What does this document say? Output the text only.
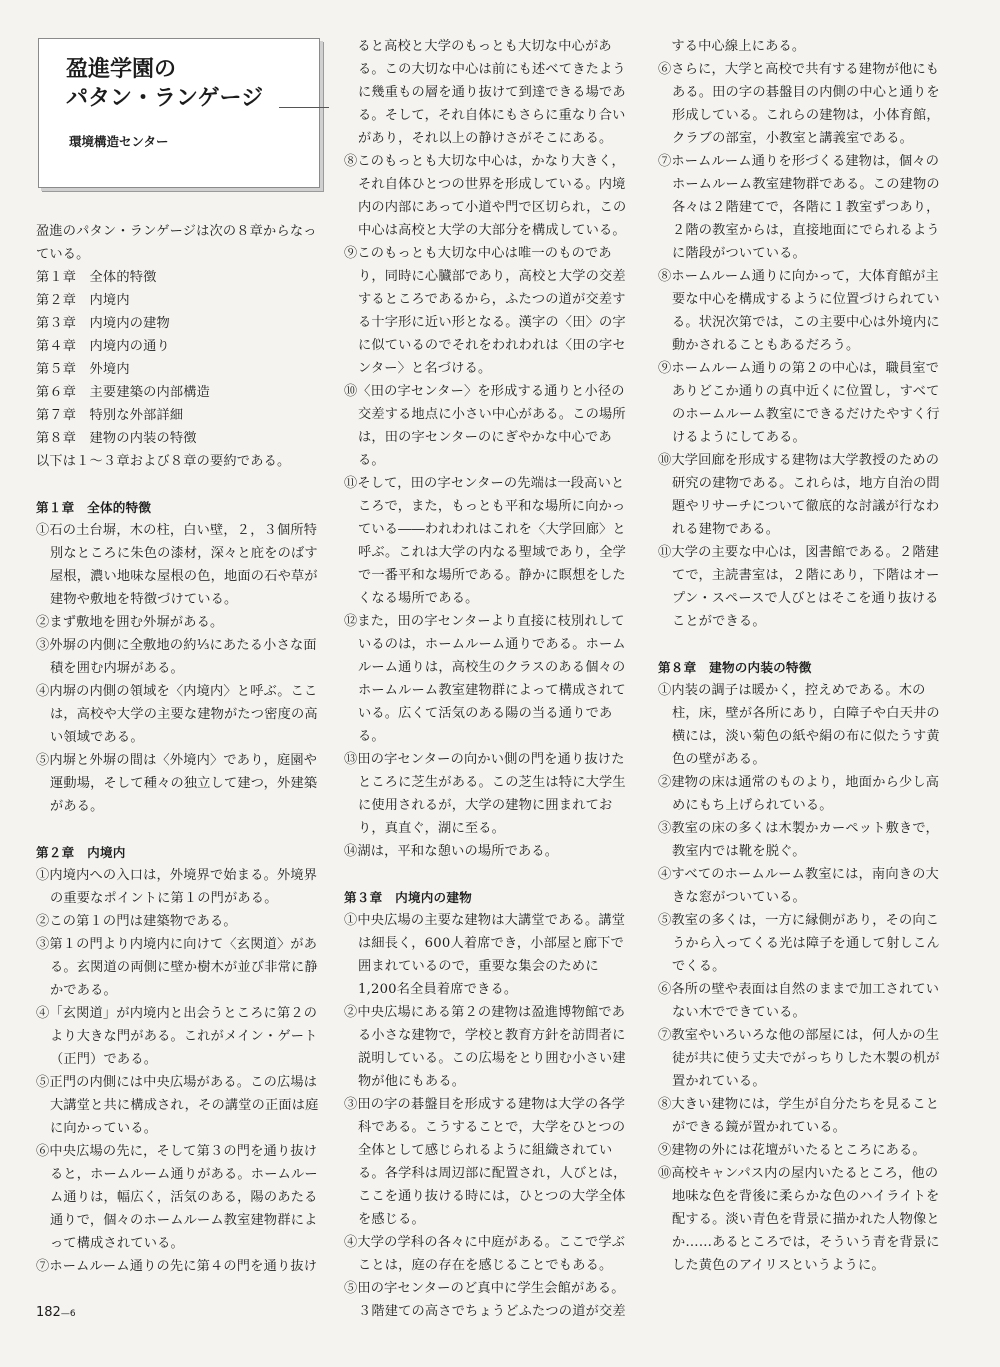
盈進学園の
パタン・ランゲージ
環境構造センター

盈進のパタン・ランゲージは次の８章からなっ

ている。

第１章　全体的特徴

第２章　内境内

第３章　内境内の建物

第４章　内境内の通り

第５章　外境内

第６章　主要建築の内部構造

第７章　特別な外部詳細

第８章　建物の内装の特徴

以下は１～３章および８章の要約である。

第１章　全体的特徴

①石の土台塀，木の柱，白い壁，２，３個所特別なところに朱色の漆材，深々と庇をのばす屋根，濃い地味な屋根の色，地面の石や草が建物や敷地を特徴づけている。

②まず敷地を囲む外塀がある。

③外塀の内側に全敷地の約⅓にあたる小さな面積を囲む内塀がある。

④内塀の内側の領域を〈内境内〉と呼ぶ。ここは，高校や大学の主要な建物がたつ密度の高い領域である。

⑤内塀と外塀の間は〈外境内〉であり，庭園や運動場，そして種々の独立して建つ，外建築がある。

第２章　内境内

①内境内への入口は，外境界で始まる。外境界の重要なポイントに第１の門がある。

②この第１の門は建築物である。

③第１の門より内境内に向けて〈玄関道〉がある。玄関道の両側に壁か樹木が並び非常に静かである。

④「玄関道」が内境内と出会うところに第２のより大きな門がある。これがメイン・ゲート（正門）である。

⑤正門の内側には中央広場がある。この広場は大講堂と共に構成され，その講堂の正面は庭に向かっている。

⑥中央広場の先に，そして第３の門を通り抜けると，ホームルーム通りがある。ホームルーム通りは，幅広く，活気のある，陽のあたる通りで，個々のホームルーム教室建物群によって構成されている。

⑦ホームルーム通りの先に第４の門を通り抜け

　ると高校と大学のもっとも大切な中心がある。この大切な中心は前にも述べてきたように幾重もの層を通り抜けて到達できる場である。そして，それ自体にもさらに重なり合いがあり，それ以上の静けさがそこにある。

⑧このもっとも大切な中心は，かなり大きく，それ自体ひとつの世界を形成している。内境内の内部にあって小道や門で区切られ，この中心は高校と大学の大部分を構成している。

⑨このもっとも大切な中心は唯一のものであり，同時に心臓部であり，高校と大学の交差するところであるから，ふたつの道が交差する十字形に近い形となる。漢字の〈田〉の字に似ているのでそれをわれわれは〈田の字センター〉と名づける。

⑩〈田の字センター〉を形成する通りと小径の交差する地点に小さい中心がある。この場所は，田の字センターのにぎやかな中心である。

⑪そして，田の字センターの先端は一段高いところで，また，もっとも平和な場所に向かっている――われわれはこれを〈大学回廊〉と呼ぶ。これは大学の内なる聖域であり，全学で一番平和な場所である。静かに瞑想をしたくなる場所である。

⑫また，田の字センターより直接に枝別れしているのは，ホームルーム通りである。ホームルーム通りは，高校生のクラスのある個々のホームルーム教室建物群によって構成されている。広くて活気のある陽の当る通りである。

⑬田の字センターの向かい側の門を通り抜けたところに芝生がある。この芝生は特に大学生に使用されるが，大学の建物に囲まれており，真直ぐ，湖に至る。

⑭湖は，平和な憩いの場所である。

第３章　内境内の建物

①中央広場の主要な建物は大講堂である。講堂は細長く，600人着席でき，小部屋と廊下で囲まれているので，重要な集会のために1,200名全員着席できる。

②中央広場にある第２の建物は盈進博物館である小さな建物で，学校と教育方針を訪問者に説明している。この広場をとり囲む小さい建物が他にもある。

③田の字の碁盤目を形成する建物は大学の各学科である。こうすることで，大学をひとつの全体として感じられるように組織されている。各学科は周辺部に配置され，人びとは，ここを通り抜ける時には，ひとつの大学全体を感じる。

④大学の学科の各々に中庭がある。ここで学ぶことは，庭の存在を感じることでもある。

⑤田の字センターのど真中に学生会館がある。３階建ての高さでちょうどふたつの道が交差

　する中心線上にある。

⑥さらに，大学と高校で共有する建物が他にもある。田の字の碁盤目の内側の中心と通りを形成している。これらの建物は，小体育館，クラブの部室，小教室と講義室である。

⑦ホームルーム通りを形づくる建物は，個々のホームルーム教室建物群である。この建物の各々は２階建てで，各階に１教室ずつあり，２階の教室からは，直接地面にでられるように階段がついている。

⑧ホームルーム通りに向かって，大体育館が主要な中心を構成するように位置づけられている。状況次第では，この主要中心は外境内に動かされることもあるだろう。

⑨ホームルーム通りの第２の中心は，職員室でありどこか通りの真中近くに位置し，すべてのホームルーム教室にできるだけたやすく行けるようにしてある。

⑩大学回廊を形成する建物は大学教授のための研究の建物である。これらは，地方自治の問題やリサーチについて徹底的な討議が行なわれる建物である。

⑪大学の主要な中心は，図書館である。２階建てで，主読書室は，２階にあり，下階はオープン・スペースで人びとはそこを通り抜けることができる。

第８章　建物の内装の特徴

①内装の調子は暖かく，控えめである。木の柱，床，壁が各所にあり，白障子や白天井の横には，淡い菊色の紙や絹の布に似たうす黄色の壁がある。

②建物の床は通常のものより，地面から少し高めにもち上げられている。

③教室の床の多くは木製かカーペット敷きで，教室内では靴を脱ぐ。

④すべてのホームルーム教室には，南向きの大きな窓がついている。

⑤教室の多くは，一方に縁側があり，その向こうから入ってくる光は障子を通して射しこんでくる。

⑥各所の壁や表面は自然のままで加工されていない木でできている。

⑦教室やいろいろな他の部屋には，何人かの生徒が共に使う丈夫でがっちりした木製の机が置かれている。

⑧大きい建物には，学生が自分たちを見ることができる鏡が置かれている。

⑨建物の外には花壇がいたるところにある。

⑩高校キャンパス内の屋内いたるところ，他の地味な色を背後に柔らかな色のハイライトを配する。淡い青色を背景に描かれた人物像とか……あるところでは，そういう青を背景にした黄色のアイリスというように。

182—6
